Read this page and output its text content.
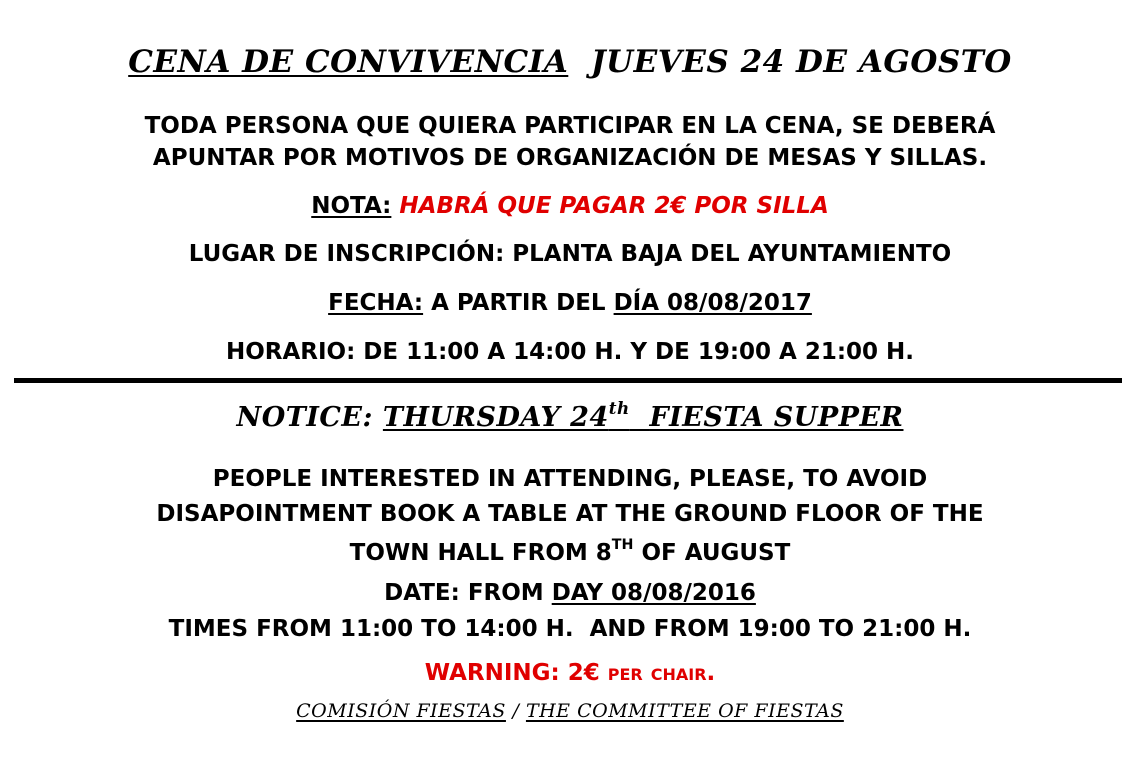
CENA DE CONVIVENCIA JUEVES 24 DE AGOSTO
TODA PERSONA QUE QUIERA PARTICIPAR EN LA CENA, SE DEBERÁ
APUNTAR POR MOTIVOS DE ORGANIZACIÓN DE MESAS Y SILLAS.
NOTA: HABRÁ QUE PAGAR 2€ POR SILLA
LUGAR DE INSCRIPCIÓN: PLANTA BAJA DEL AYUNTAMIENTO
FECHA: A PARTIR DEL DÍA 08/08/2017
HORARIO: DE 11:00 A 14:00 H. Y DE 19:00 A 21:00 H.
NOTICE: THURSDAY 24th FIESTA SUPPER
PEOPLE INTERESTED IN ATTENDING, PLEASE, TO AVOID
DISAPOINTMENT BOOK A TABLE AT THE GROUND FLOOR OF THE
TOWN HALL FROM 8TH OF AUGUST
DATE: FROM DAY 08/08/2016
TIMES FROM 11:00 TO 14:00 H.  AND FROM 19:00 TO 21:00 H.
WARNING: 2€ per chair.
COMISIÓN FIESTAS / THE COMMITTEE OF FIESTAS
